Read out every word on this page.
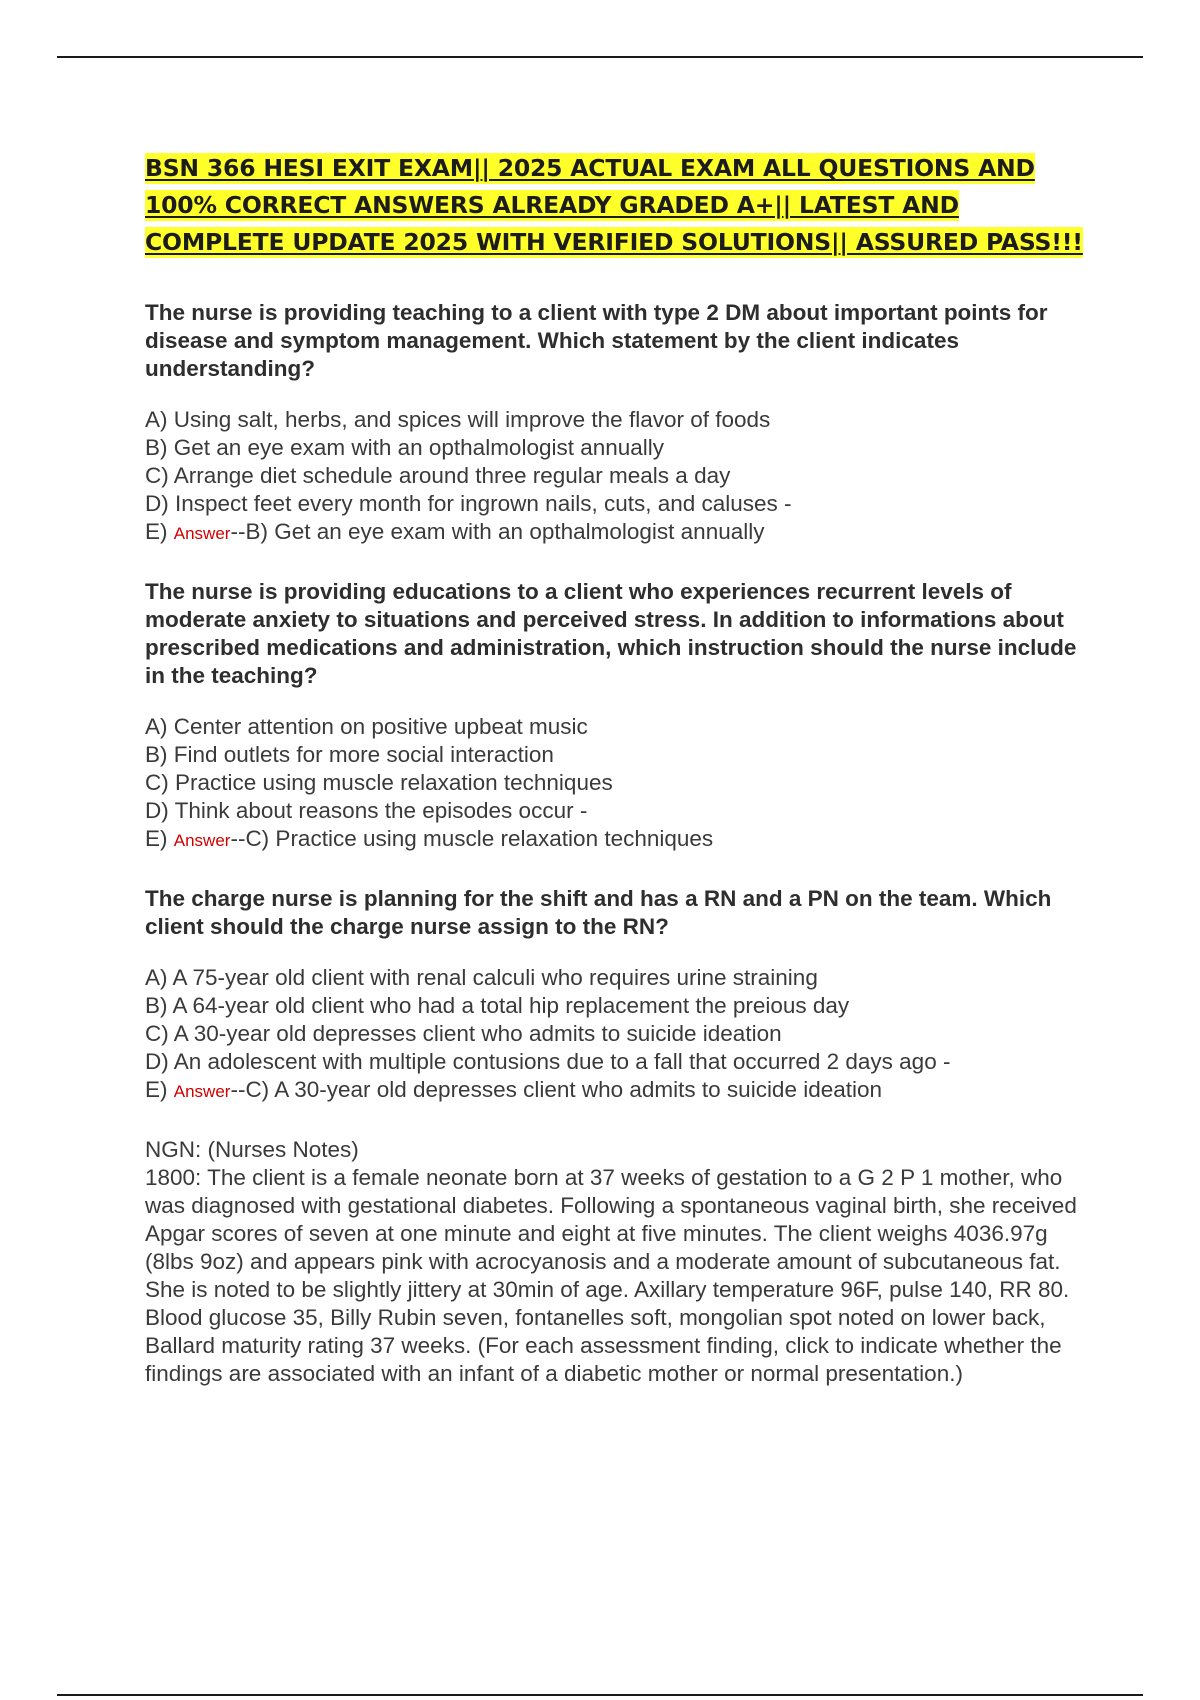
BSN 366 HESI EXIT EXAM|| 2025 ACTUAL EXAM ALL QUESTIONS AND 100% CORRECT ANSWERS ALREADY GRADED A+|| LATEST AND COMPLETE UPDATE 2025 WITH VERIFIED SOLUTIONS|| ASSURED PASS!!!

The nurse is providing teaching to a client with type 2 DM about important points for disease and symptom management. Which statement by the client indicates understanding?

A) Using salt, herbs, and spices will improve the flavor of foods
B) Get an eye exam with an opthalmologist annually
C) Arrange diet schedule around three regular meals a day
D) Inspect feet every month for ingrown nails, cuts, and caluses -
E) Answer--B) Get an eye exam with an opthalmologist annually

The nurse is providing educations to a client who experiences recurrent levels of moderate anxiety to situations and perceived stress. In addition to informations about prescribed medications and administration, which instruction should the nurse include in the teaching?

A) Center attention on positive upbeat music
B) Find outlets for more social interaction
C) Practice using muscle relaxation techniques
D) Think about reasons the episodes occur -
E) Answer--C) Practice using muscle relaxation techniques

The charge nurse is planning for the shift and has a RN and a PN on the team. Which client should the charge nurse assign to the RN?

A) A 75-year old client with renal calculi who requires urine straining
B) A 64-year old client who had a total hip replacement the preious day
C) A 30-year old depresses client who admits to suicide ideation
D) An adolescent with multiple contusions due to a fall that occurred 2 days ago -
E) Answer--C) A 30-year old depresses client who admits to suicide ideation

NGN: (Nurses Notes)

1800: The client is a female neonate born at 37 weeks of gestation to a G 2 P 1 mother, who was diagnosed with gestational diabetes. Following a spontaneous vaginal birth, she received Apgar scores of seven at one minute and eight at five minutes. The client weighs 4036.97g (8lbs 9oz) and appears pink with acrocyanosis and a moderate amount of subcutaneous fat. She is noted to be slightly jittery at 30min of age. Axillary temperature 96F, pulse 140, RR 80. Blood glucose 35, Billy Rubin seven, fontanelles soft, mongolian spot noted on lower back, Ballard maturity rating 37 weeks. (For each assessment finding, click to indicate whether the findings are associated with an infant of a diabetic mother or normal presentation.)
